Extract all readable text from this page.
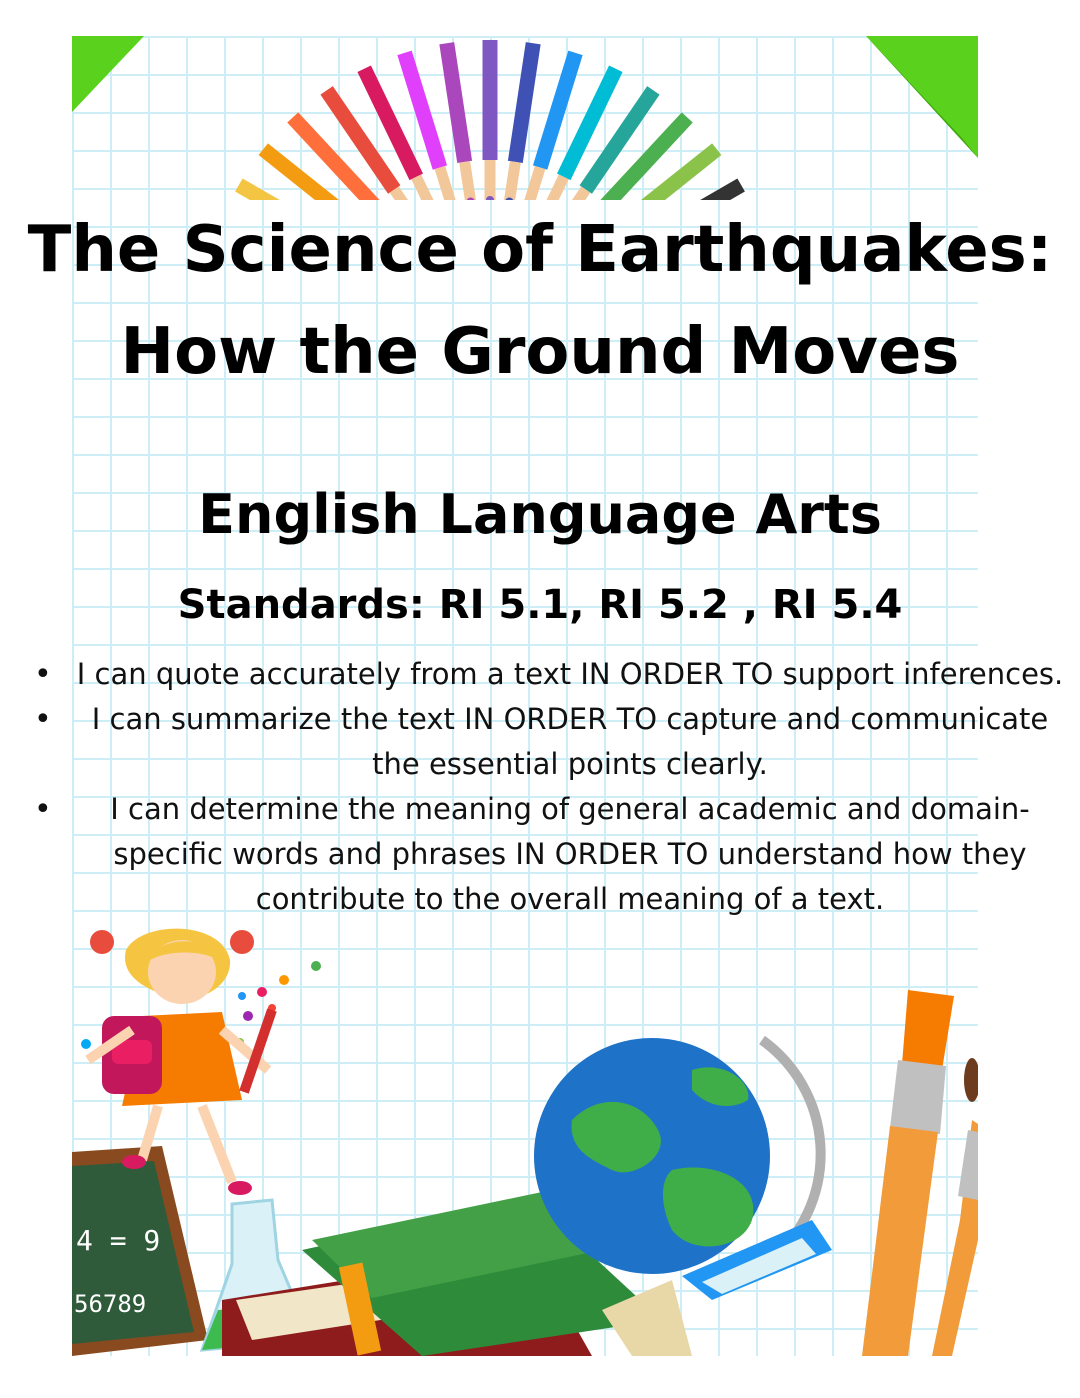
The Science of Earthquakes:
How the Ground Moves
English Language Arts
Standards: RI 5.1, RI 5.2 , RI 5.4
• I can quote accurately from a text IN ORDER TO support inferences.
• I can summarize the text IN ORDER TO capture and communicate the essential points clearly.
• I can determine the meaning of general academic and domain-specific words and phrases IN ORDER TO understand how they contribute to the overall meaning of a text.
4 = 9
56789
